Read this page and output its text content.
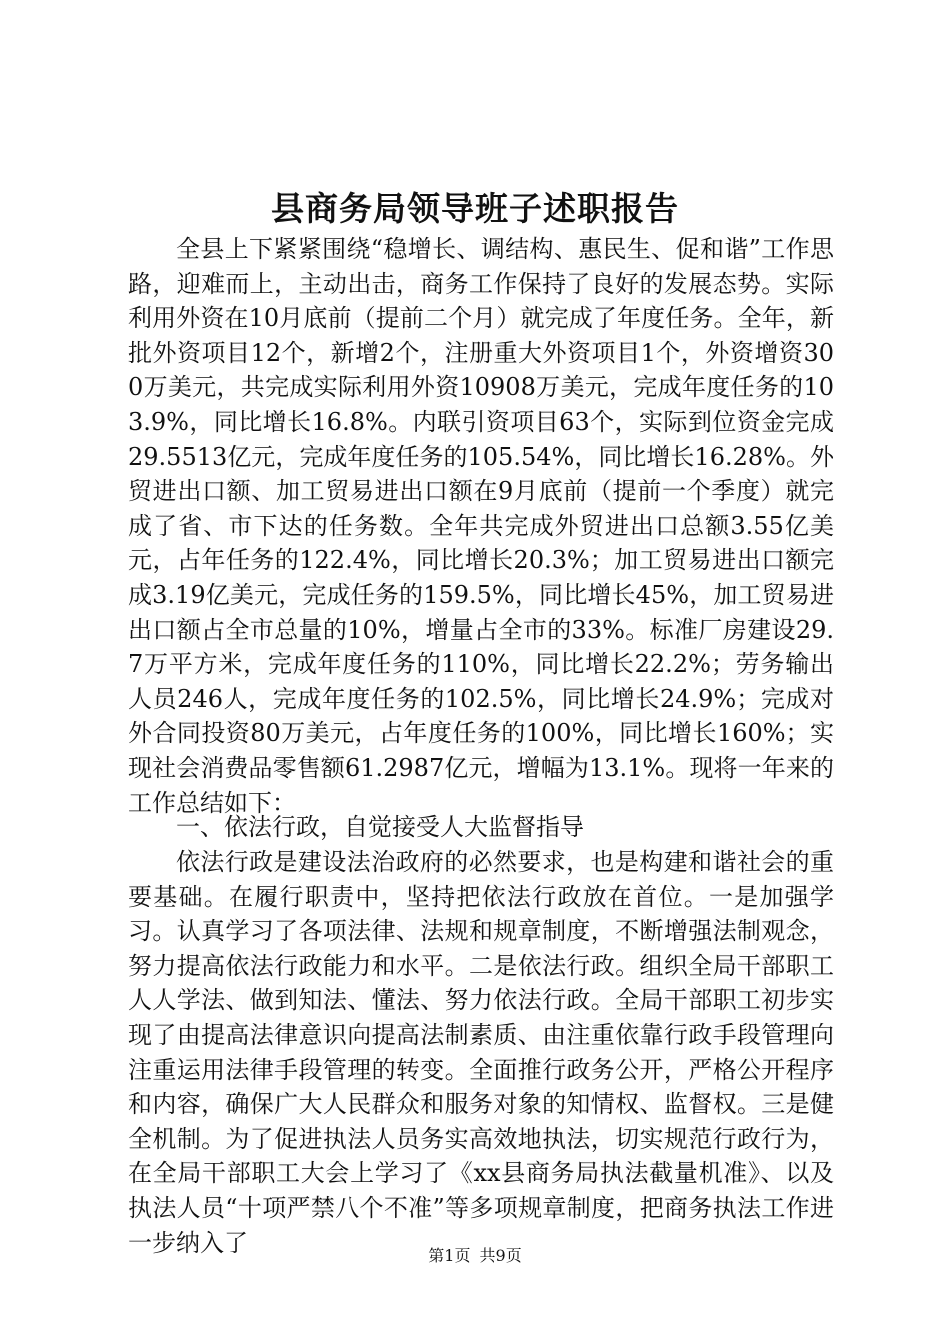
县商务局领导班子述职报告

全县上下紧紧围绕“稳增长、调结构、惠民生、促和谐”工作思路，迎难而上，主动出击，商务工作保持了良好的发展态势。实际利用外资在10月底前（提前二个月）就完成了年度任务。全年，新批外资项目12个，新增2个，注册重大外资项目1个，外资增资300万美元，共完成实际利用外资10908万美元，完成年度任务的103.9%，同比增长16.8%。内联引资项目63个，实际到位资金完成29.5513亿元，完成年度任务的105.54%，同比增长16.28%。外贸进出口额、加工贸易进出口额在9月底前（提前一个季度）就完成了省、市下达的任务数。全年共完成外贸进出口总额3.55亿美元，占年任务的122.4%，同比增长20.3%；加工贸易进出口额完成3.19亿美元，完成任务的159.5%，同比增长45%，加工贸易进出口额占全市总量的10%，增量占全市的33%。标准厂房建设29.7万平方米，完成年度任务的110%，同比增长22.2%；劳务输出人员246人，完成年度任务的102.5%，同比增长24.9%；完成对外合同投资80万美元，占年度任务的100%，同比增长160%；实现社会消费品零售额61.2987亿元，增幅为13.1%。现将一年来的工作总结如下：

一、依法行政，自觉接受人大监督指导

依法行政是建设法治政府的必然要求，也是构建和谐社会的重要基础。在履行职责中，坚持把依法行政放在首位。一是加强学习。认真学习了各项法律、法规和规章制度，不断增强法制观念，努力提高依法行政能力和水平。二是依法行政。组织全局干部职工人人学法、做到知法、懂法、努力依法行政。全局干部职工初步实现了由提高法律意识向提高法制素质、由注重依靠行政手段管理向注重运用法律手段管理的转变。全面推行政务公开，严格公开程序和内容，确保广大人民群众和服务对象的知情权、监督权。三是健全机制。为了促进执法人员务实高效地执法，切实规范行政行为，在全局干部职工大会上学习了《xx县商务局执法截量机准》、以及执法人员“十项严禁八个不准”等多项规章制度，把商务执法工作进一步纳入了	第1页 共9页
